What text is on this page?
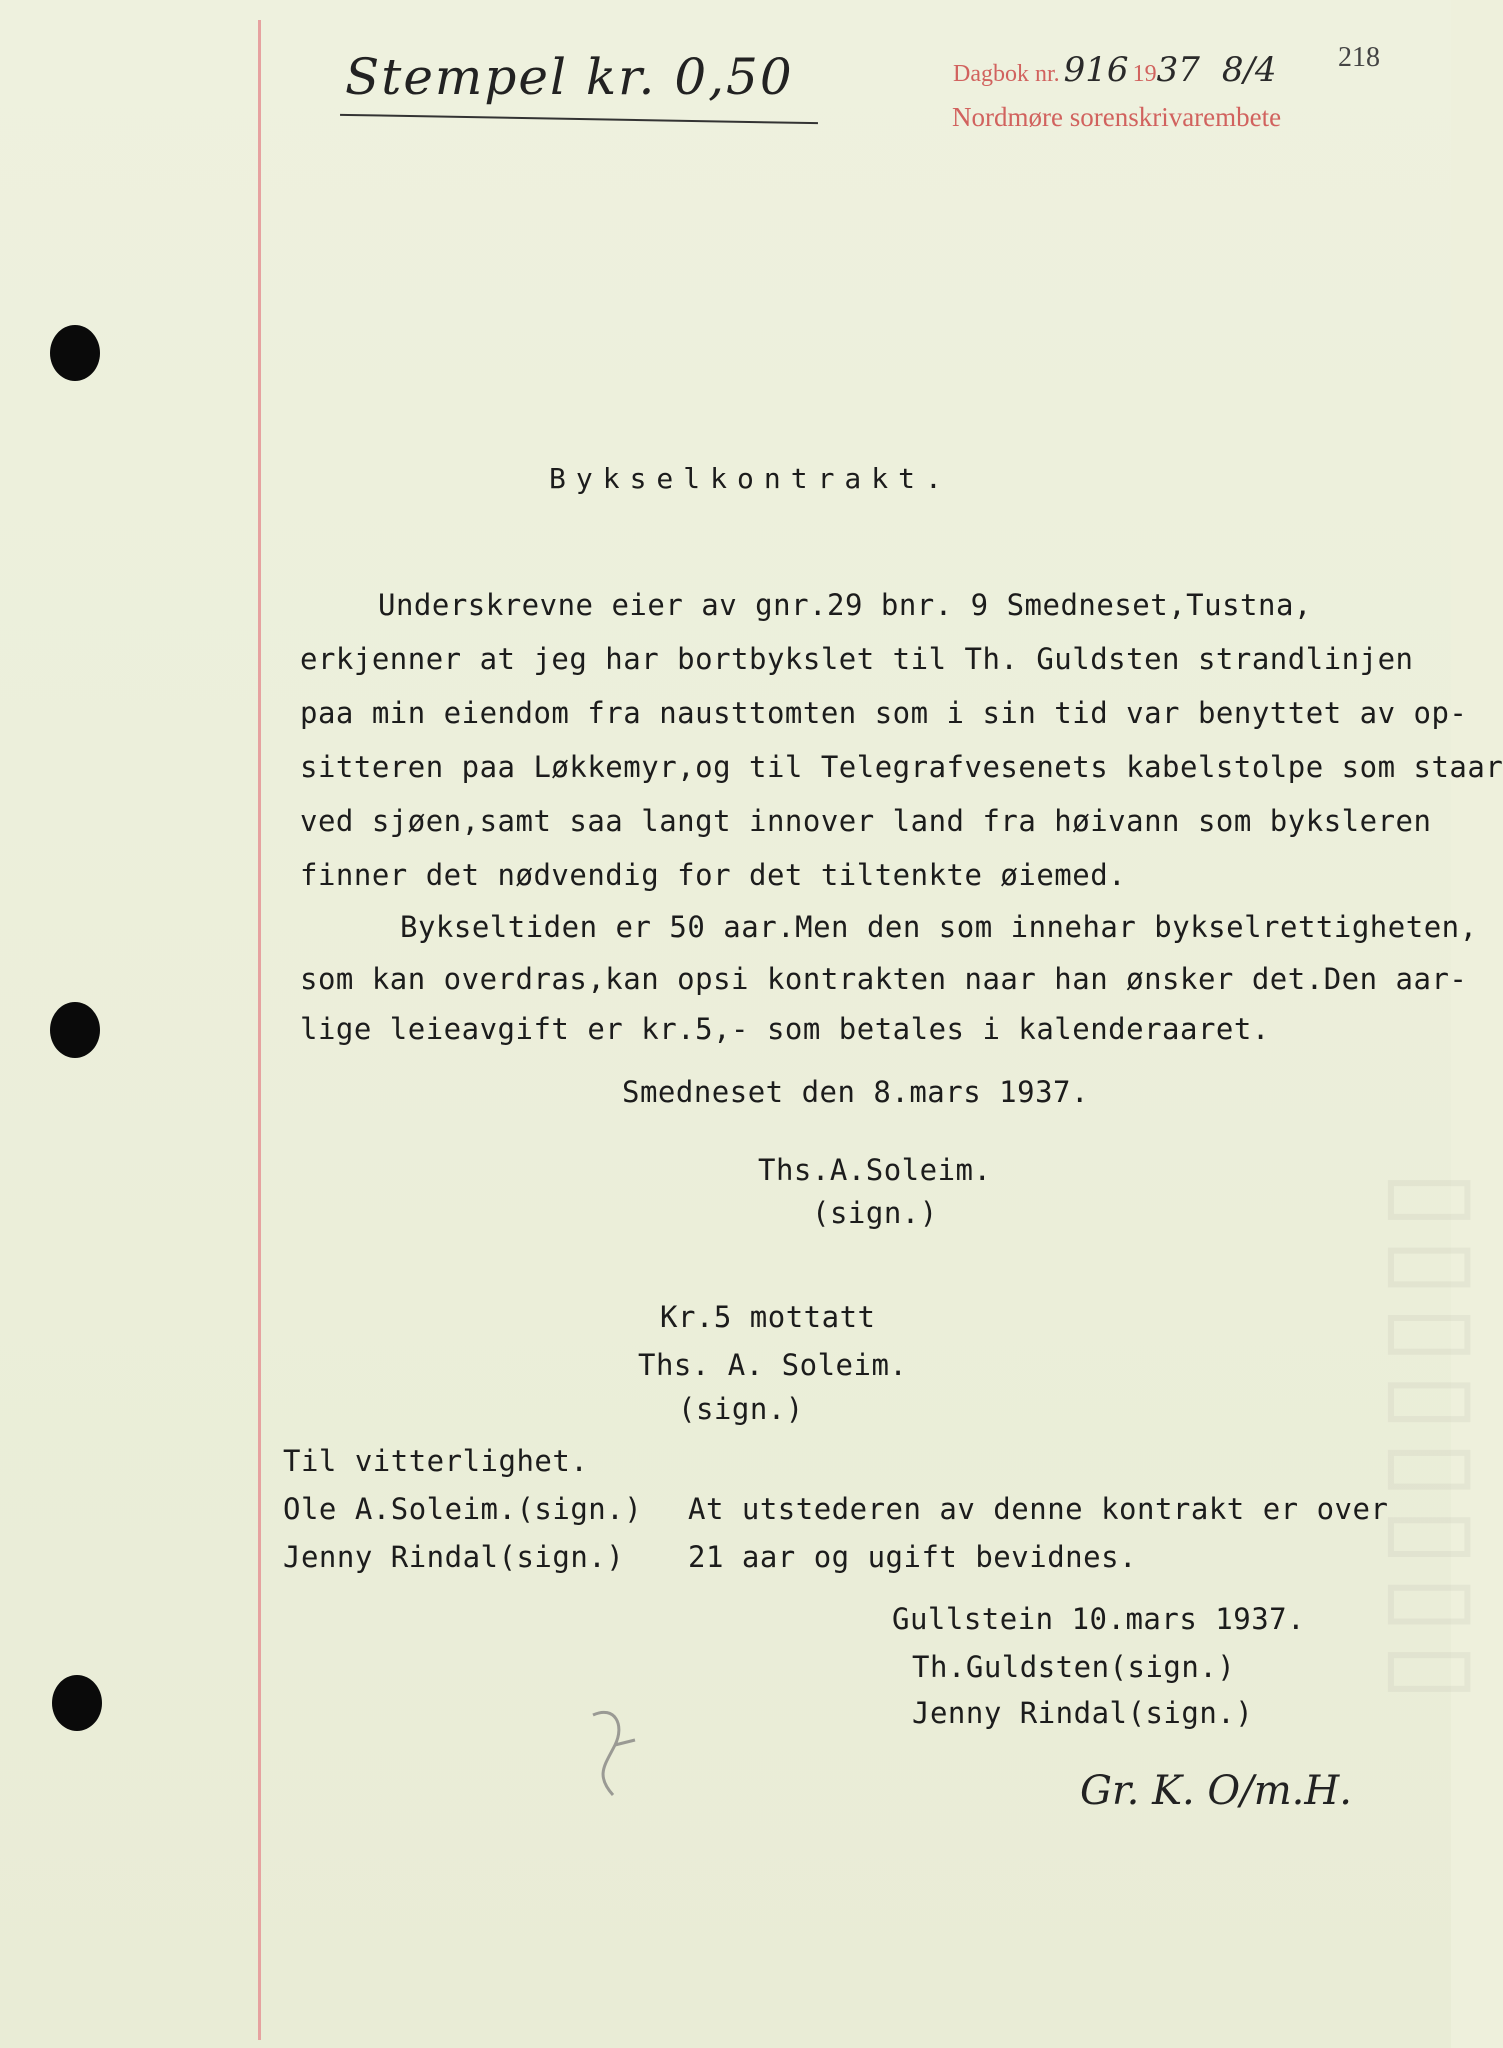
▯▯▯▯▯▯▯▯
Stempel kr. 0,50	Dagbok nr. 916 1937 8/4
Nordmøre sorenskrivarembete
218
Bykselkontrakt.
Underskrevne eier av gnr.29 bnr. 9 Smedneset,Tustna,
erkjenner at jeg har bortbykslet til Th. Guldsten strandlinjen
paa min eiendom fra nausttomten som i sin tid var benyttet av op-
sitteren paa Løkkemyr,og til Telegrafvesenets kabelstolpe som staar
ved sjøen,samt saa langt innover land fra høivann som byksleren
finner det nødvendig for det tiltenkte øiemed.
Bykseltiden er 50 aar.Men den som innehar bykselrettigheten,
som kan overdras,kan opsi kontrakten naar han ønsker det.Den aar-
lige leieavgift er kr.5,- som betales i kalenderaaret.
Smedneset den 8.mars 1937.
Ths.A.Soleim.
(sign.)
Kr.5 mottatt
Ths. A. Soleim.
(sign.)
Til vitterlighet.
Ole A.Soleim.(sign.)
Jenny Rindal(sign.)
At utstederen av denne kontrakt er over
21 aar og ugift bevidnes.
Gullstein 10.mars 1937.
Th.Guldsten(sign.)
Jenny Rindal(sign.)
Gr. K. O/m.H.
